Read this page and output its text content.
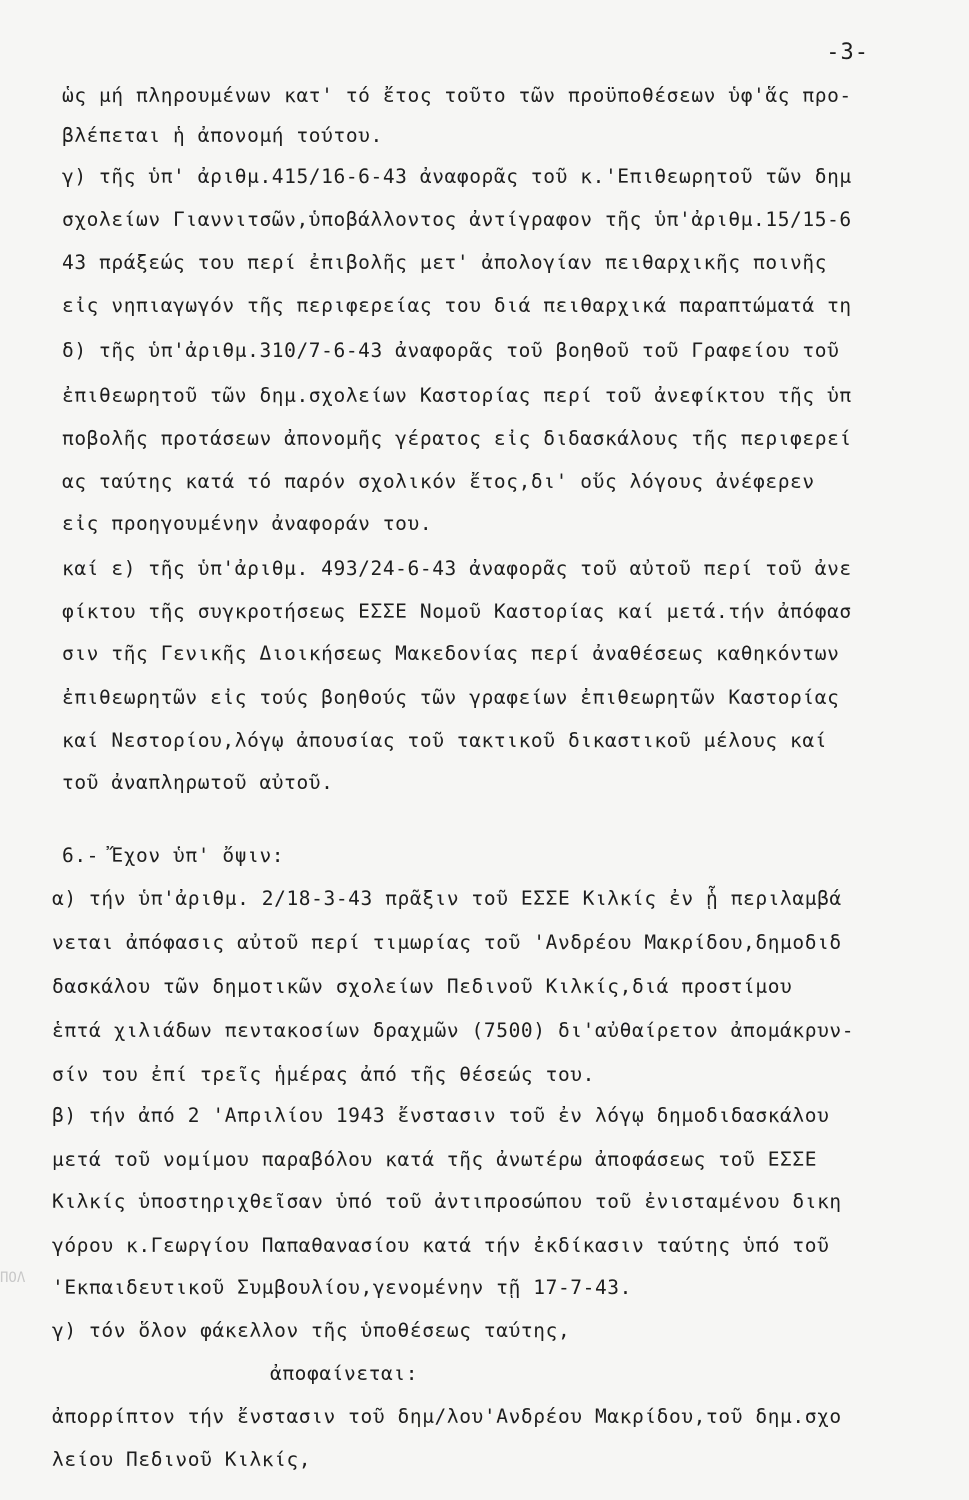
-3-
ὡς μή πληρουμένων κατ' τό ἔτος τοῦτο τῶν προϋποθέσεων ὑφ'ἅς προ-
βλέπεται ἡ ἀπονομή τούτου.
γ) τῆς ὑπ' ἀριθμ.415/16-6-43 ἀναφορᾶς τοῦ κ.'Επιθεωρητοῦ τῶν δημ
σχολείων Γιαννιτσῶν,ὑποβάλλοντος ἀντίγραφον τῆς ὑπ'ἀριθμ.15/15-6
43 πράξεώς του περί ἐπιβολῆς μετ' ἀπολογίαν πειθαρχικῆς ποινῆς
εἰς νηπιαγωγόν τῆς περιφερείας του διά πειθαρχικά παραπτώματά τη
δ) τῆς ὑπ'ἀριθμ.310/7-6-43 ἀναφορᾶς τοῦ βοηθοῦ τοῦ Γραφείου τοῦ
ἐπιθεωρητοῦ τῶν δημ.σχολείων Καστορίας περί τοῦ ἀνεφίκτου τῆς ὑπ
ποβολῆς προτάσεων ἀπονομῆς γέρατος εἰς διδασκάλους τῆς περιφερεί
ας ταύτης κατά τό παρόν σχολικόν ἔτος,δι' οὕς λόγους ἀνέφερεν
εἰς προηγουμένην ἀναφοράν του.
καί ε) τῆς ὑπ'ἀριθμ. 493/24-6-43 ἀναφορᾶς τοῦ αὐτοῦ περί τοῦ ἀνε
φίκτου τῆς συγκροτήσεως ΕΣΣΕ Νομοῦ Καστορίας καί μετά.τήν ἀπόφασ
σιν τῆς Γενικῆς Διοικήσεως Μακεδονίας περί ἀναθέσεως καθηκόντων
ἐπιθεωρητῶν εἰς τούς βοηθούς τῶν γραφείων ἐπιθεωρητῶν Καστορίας
καί Νεστορίου,λόγῳ ἀπουσίας τοῦ τακτικοῦ δικαστικοῦ μέλους καί
τοῦ ἀναπληρωτοῦ αὐτοῦ.
6.- Ἔχον ὑπ' ὄψιν:
α) τήν ὑπ'ἀριθμ. 2/18-3-43 πρᾶξιν τοῦ ΕΣΣΕ Κιλκίς ἐν ᾗ περιλαμβά
νεται ἀπόφασις αὐτοῦ περί τιμωρίας τοῦ 'Ανδρέου Μακρίδου,δημοδιδ
δασκάλου τῶν δημοτικῶν σχολείων Πεδινοῦ Κιλκίς,διά προστίμου
ἑπτά χιλιάδων πεντακοσίων δραχμῶν (7500) δι'αὐθαίρετον ἀπομάκρυν-
σίν του ἐπί τρεῖς ἡμέρας ἀπό τῆς θέσεώς του.
β) τήν ἀπό 2 'Απριλίου 1943 ἔνστασιν τοῦ ἐν λόγῳ δημοδιδασκάλου
μετά τοῦ νομίμου παραβόλου κατά τῆς ἀνωτέρω ἀποφάσεως τοῦ ΕΣΣΕ
Κιλκίς ὑποστηριχθεῖσαν ὑπό τοῦ ἀντιπροσώπου τοῦ ἐνισταμένου δικη
γόρου κ.Γεωργίου Παπαθανασίου κατά τήν ἐκδίκασιν ταύτης ὑπό τοῦ
'Εκπαιδευτικοῦ Συμβουλίου,γενομένην τῇ 17-7-43.
γ) τόν ὅλον φάκελλον τῆς ὑποθέσεως ταύτης,
ἀποφαίνεται:
ἀπορρίπτον τήν ἔνστασιν τοῦ δημ/λου'Ανδρέου Μακρίδου,τοῦ δημ.σχο
λείου Πεδινοῦ Κιλκίς,
ΠΟΛ
